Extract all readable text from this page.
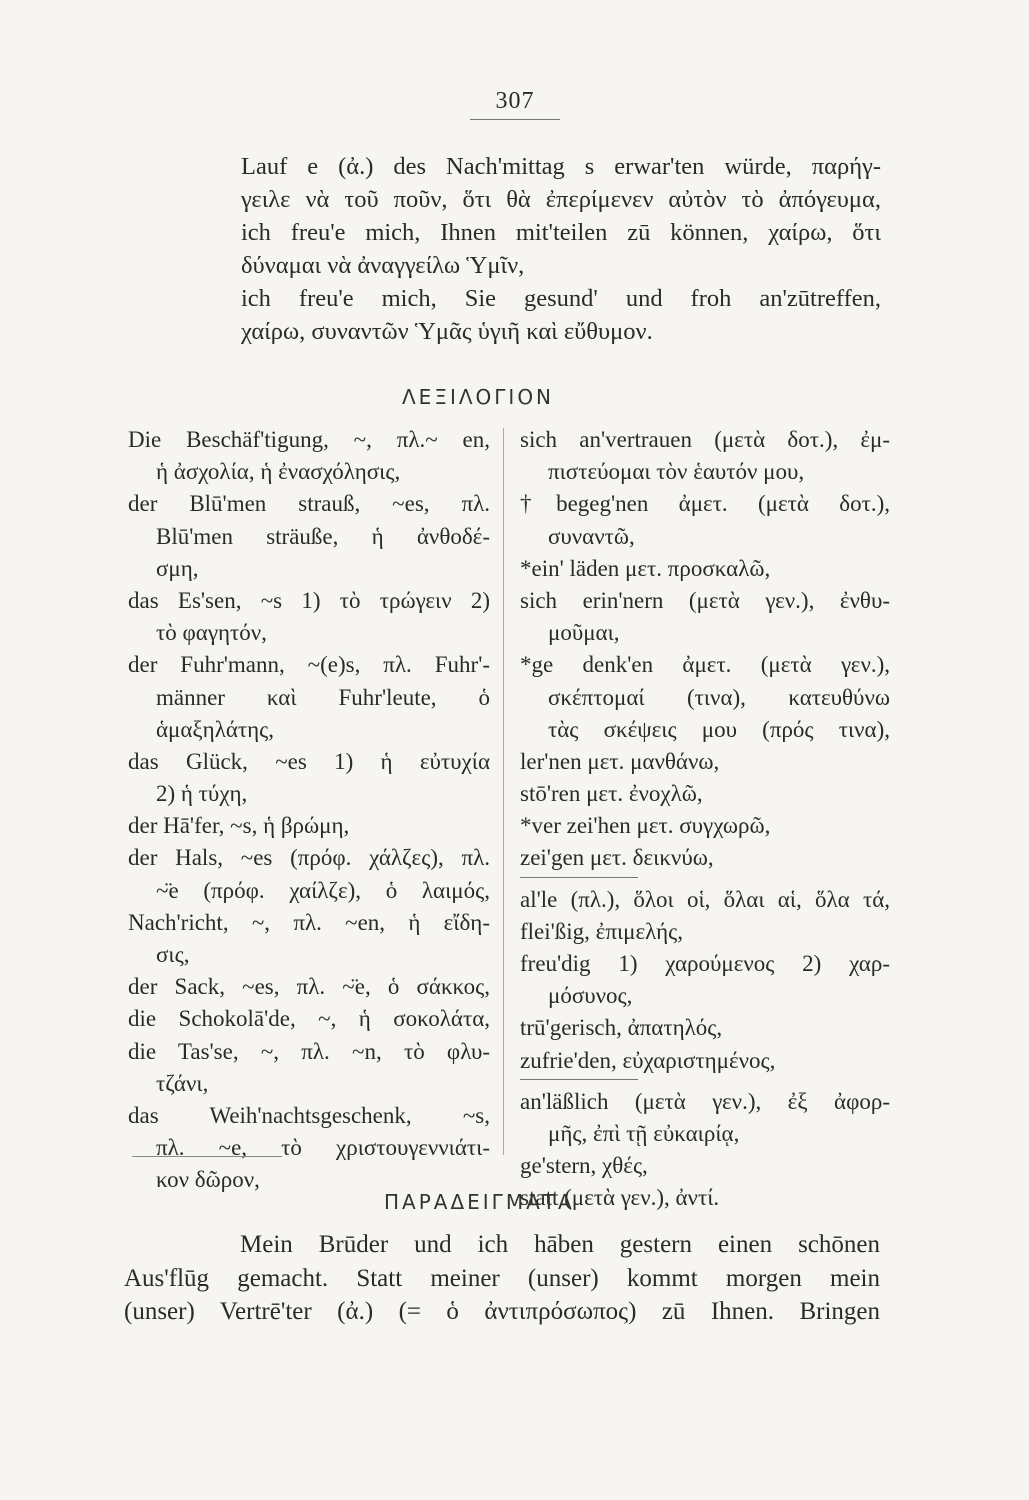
307
Lauf e (ἀ.) des Nach'mittag s erwar'ten würde, παρήγ-
γειλε νὰ τοῦ ποῦν, ὅτι θὰ ἐπερίμενεν αὐτὸν τὸ ἀπόγευμα,
ich freu'e mich, Ihnen mit'teilen zū können, χαίρω, ὅτι
δύναμαι νὰ ἀναγγείλω Ὑμῖν,
ich freu'e mich, Sie gesund' und froh an'zūtreffen,
χαίρω, συναντῶν Ὑμᾶς ὑγιῆ καὶ εὔθυμον.
ΛΕΞΙΛΟΓΙΟΝ
Die Beschäf'tigung, ~, πλ.~ en,
ἡ ἀσχολία, ἡ ἐνασχόλησις,
der Blū'men strauß, ~es, πλ.
Blū'men sträuße, ἡ ἀνθοδέ-
σμη,
das Es'sen, ~s 1) τὸ τρώγειν 2)
τὸ φαγητόν,
der Fuhr'mann, ~(e)s, πλ. Fuhr'-
männer καὶ Fuhr'leute, ὁ
ἁμαξηλάτης,
das Glück, ~es 1) ἡ εὐτυχία
2) ἡ τύχη,
der Hā'fer, ~s, ἡ βρώμη,
der Hals, ~es (πρόφ. χάλζες), πλ.
~̈e (πρόφ. χαίλζε), ὁ λαιμός,
Nach'richt, ~, πλ. ~en, ἡ εἴδη-
σις,
der Sack, ~es, πλ. ~̈e, ὁ σάκκος,
die Schokolā'de, ~, ἡ σοκολάτα,
die Tas'se, ~, πλ. ~n, τὸ φλυ-
τζάνι,
das Weih'nachtsgeschenk, ~s,
πλ. ~e, τὸ χριστουγεννιάτι-
κον δῶρον,
sich an'vertrauen (μετὰ δοτ.), ἐμ-
πιστεύομαι τὸν ἑαυτόν μου,
†begeg'nen ἀμετ. (μετὰ δοτ.),
συναντῶ,
*ein' läden μετ. προσκαλῶ,
sich erin'nern (μετὰ γεν.), ἐνθυ-
μοῦμαι,
*ge denk'en ἀμετ. (μετὰ γεν.),
σκέπτομαί (τινα), κατευθύνω
τὰς σκέψεις μου (πρός τινα),
ler'nen μετ. μανθάνω,
stō'ren μετ. ἐνοχλῶ,
*ver zei'hen μετ. συγχωρῶ,
zei'gen μετ. δεικνύω,
al'le (πλ.), ὅλοι οἱ, ὅλαι αἱ, ὅλα τά,
flei'ßig, ἐπιμελής,
freu'dig 1) χαρούμενος 2) χαρ-
μόσυνος,
trū'gerisch, ἀπατηλός,
zufrie'den, εὐχαριστημένος,
an'läßlich (μετὰ γεν.), ἐξ ἀφορ-
μῆς, ἐπὶ τῇ εὐκαιρίᾳ,
ge'stern, χθές,
statt (μετὰ γεν.), ἀντί.
ΠΑΡΑΔΕΙΓΜΑΤΑ
Mein Brūder und ich hāben gestern einen schōnen
Aus'flūg gemacht. Statt meiner (unser) kommt morgen mein
(unser) Vertrē'ter (ἀ.) (= ὁ ἀντιπρόσωπος) zū Ihnen. Bringen
